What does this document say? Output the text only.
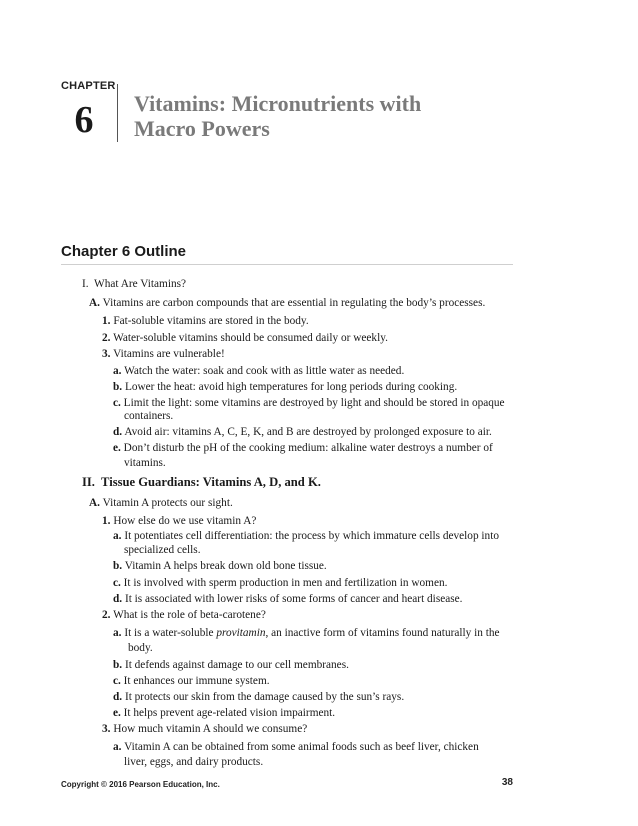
CHAPTER
6	Vitamins: Micronutrients with
Macro Powers
Chapter 6 Outline
I. What Are Vitamins?
A. Vitamins are carbon compounds that are essential in regulating the body’s processes.
1. Fat-soluble vitamins are stored in the body.
2. Water-soluble vitamins should be consumed daily or weekly.
3. Vitamins are vulnerable!
a. Watch the water: soak and cook with as little water as needed.
b. Lower the heat: avoid high temperatures for long periods during cooking.
c. Limit the light: some vitamins are destroyed by light and should be stored in opaque
containers.
d. Avoid air: vitamins A, C, E, K, and B are destroyed by prolonged exposure to air.
e. Don’t disturb the pH of the cooking medium: alkaline water destroys a number of
vitamins.
II. Tissue Guardians: Vitamins A, D, and K.
A. Vitamin A protects our sight.
1. How else do we use vitamin A?
a. It potentiates cell differentiation: the process by which immature cells develop into
specialized cells.
b. Vitamin A helps break down old bone tissue.
c. It is involved with sperm production in men and fertilization in women.
d. It is associated with lower risks of some forms of cancer and heart disease.
2. What is the role of beta-carotene?
a. It is a water-soluble provitamin, an inactive form of vitamins found naturally in the
body.
b. It defends against damage to our cell membranes.
c. It enhances our immune system.
d. It protects our skin from the damage caused by the sun’s rays.
e. It helps prevent age-related vision impairment.
3. How much vitamin A should we consume?
a. Vitamin A can be obtained from some animal foods such as beef liver, chicken
liver, eggs, and dairy products.
Copyright © 2016 Pearson Education, Inc.	38
